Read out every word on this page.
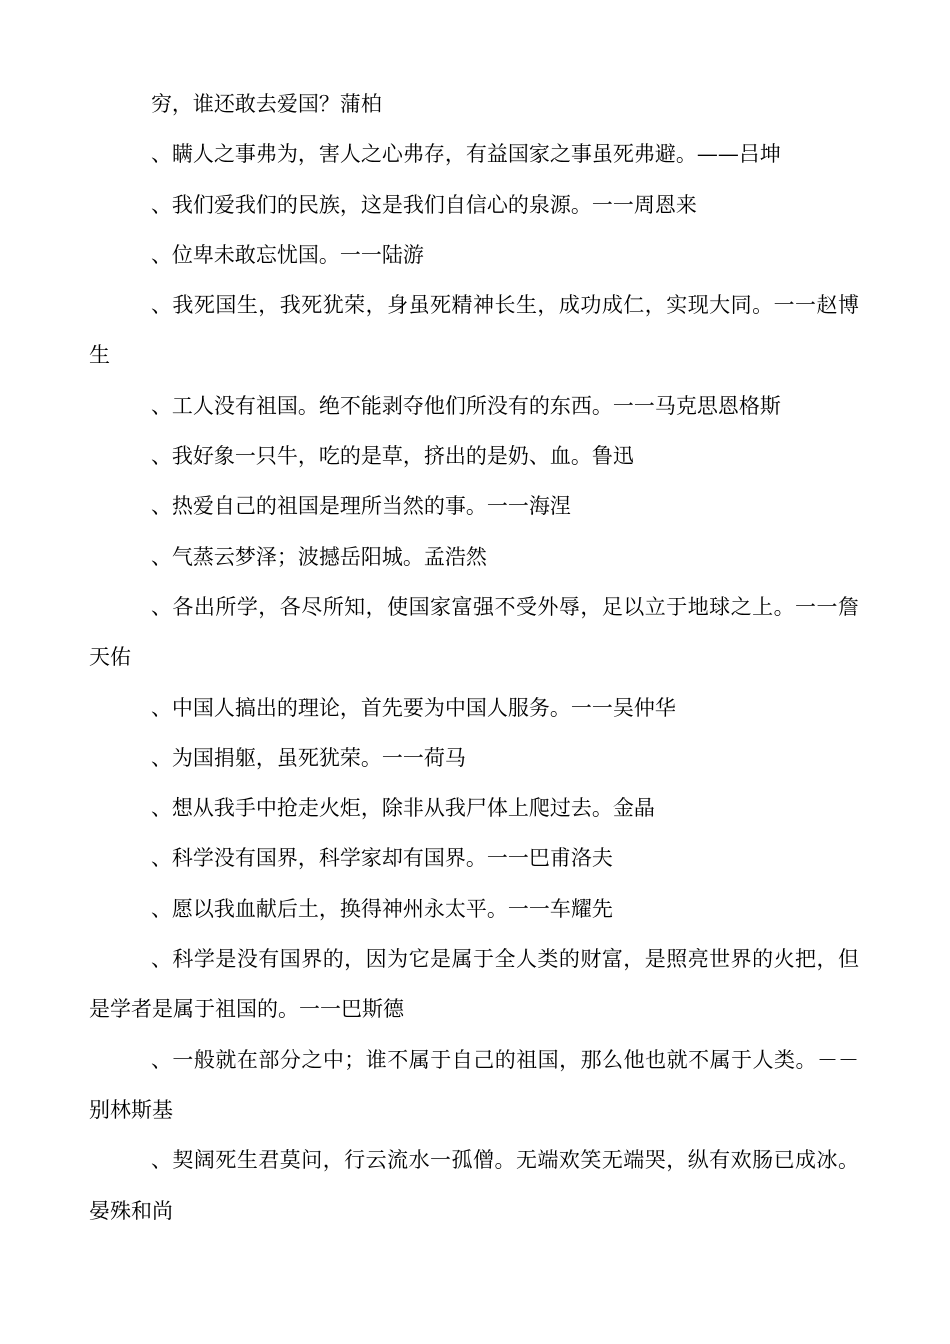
穷，谁还敢去爱国？蒲柏

、瞒人之事弗为，害人之心弗存，有益国家之事虽死弗避。——吕坤

、我们爱我们的民族，这是我们自信心的泉源。一一周恩来

、位卑未敢忘忧国。一一陆游

、我死国生，我死犹荣，身虽死精神长生，成功成仁，实现大同。一一赵博生

、工人没有祖国。绝不能剥夺他们所没有的东西。一一马克思恩格斯

、我好象一只牛，吃的是草，挤出的是奶、血。鲁迅

、热爱自己的祖国是理所当然的事。一一海涅

、气蒸云梦泽；波撼岳阳城。孟浩然

、各出所学，各尽所知，使国家富强不受外辱，足以立于地球之上。一一詹天佑

、中国人搞出的理论，首先要为中国人服务。一一吴仲华

、为国捐躯，虽死犹荣。一一荷马

、想从我手中抢走火炬，除非从我尸体上爬过去。金晶

、科学没有国界，科学家却有国界。一一巴甫洛夫

、愿以我血献后土，换得神州永太平。一一车耀先

、科学是没有国界的，因为它是属于全人类的财富，是照亮世界的火把，但是学者是属于祖国的。一一巴斯德

、一般就在部分之中；谁不属于自己的祖国，那么他也就不属于人类。－－别林斯基

、契阔死生君莫问，行云流水一孤僧。无端欢笑无端哭，纵有欢肠已成冰。晏殊和尚
